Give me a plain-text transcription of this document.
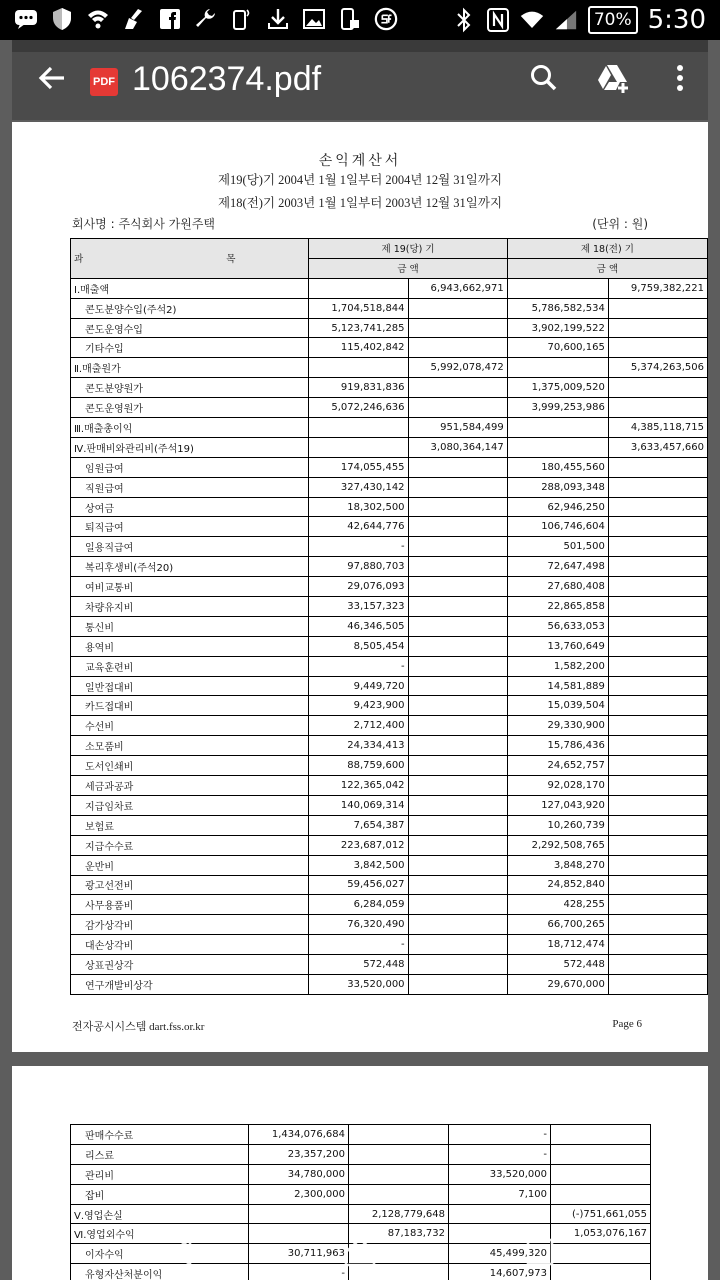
70% 5:30
PDF 1062374.pdf
손익계산서
제19(당)기 2004년 1월 1일부터 2004년 12월 31일까지
제18(전)기 2003년 1월 1일부터 2003년 12월 31일까지
회사명 : 주식회사 가원주택	(단위 : 원)
과 목	제 19(당) 기		제 18(전) 기	
	금 액		금 액	
Ⅰ.매출액		6,943,662,971		9,759,382,221
콘도분양수입(주석2)	1,704,518,844		5,786,582,534	
콘도운영수입	5,123,741,285		3,902,199,522	
기타수입	115,402,842		70,600,165	
Ⅱ.매출원가		5,992,078,472		5,374,263,506
콘도분양원가	919,831,836		1,375,009,520	
콘도운영원가	5,072,246,636		3,999,253,986	
Ⅲ.매출총이익		951,584,499		4,385,118,715
Ⅳ.판매비와관리비(주석19)		3,080,364,147		3,633,457,660
임원급여	174,055,455		180,455,560	
직원급여	327,430,142		288,093,348	
상여금	18,302,500		62,946,250	
퇴직급여	42,644,776		106,746,604	
일용직급여	-		501,500	
복리후생비(주석20)	97,880,703		72,647,498	
여비교통비	29,076,093		27,680,408	
차량유지비	33,157,323		22,865,858	
통신비	46,346,505		56,633,053	
용역비	8,505,454		13,760,649	
교육훈련비	-		1,582,200	
일반접대비	9,449,720		14,581,889	
카드접대비	9,423,900		15,039,504	
수선비	2,712,400		29,330,900	
소모품비	24,334,413		15,786,436	
도서인쇄비	88,759,600		24,652,757	
세금과공과	122,365,042		92,028,170	
지급임차료	140,069,314		127,043,920	
보험료	7,654,387		10,260,739	
지급수수료	223,687,012		2,292,508,765	
운반비	3,842,500		3,848,270	
광고선전비	59,456,027		24,852,840	
사무용품비	6,284,059		428,255	
감가상각비	76,320,490		66,700,265	
대손상각비	-		18,712,474	
상표권상각	572,448		572,448	
연구개발비상각	33,520,000		29,670,000	
전자공시시스템 dart.fss.or.kr	Page 6
판매수수료	1,434,076,684		-	
리스료	23,357,200		-	
관리비	34,780,000		33,520,000	
잡비	2,300,000		7,100	
Ⅴ.영업손실		2,128,779,648		(-)751,661,055
Ⅵ.영업외수익		87,183,732		1,053,076,167
이자수익	30,711,963		45,499,320	
유형자산처분이익	-		14,607,973	
